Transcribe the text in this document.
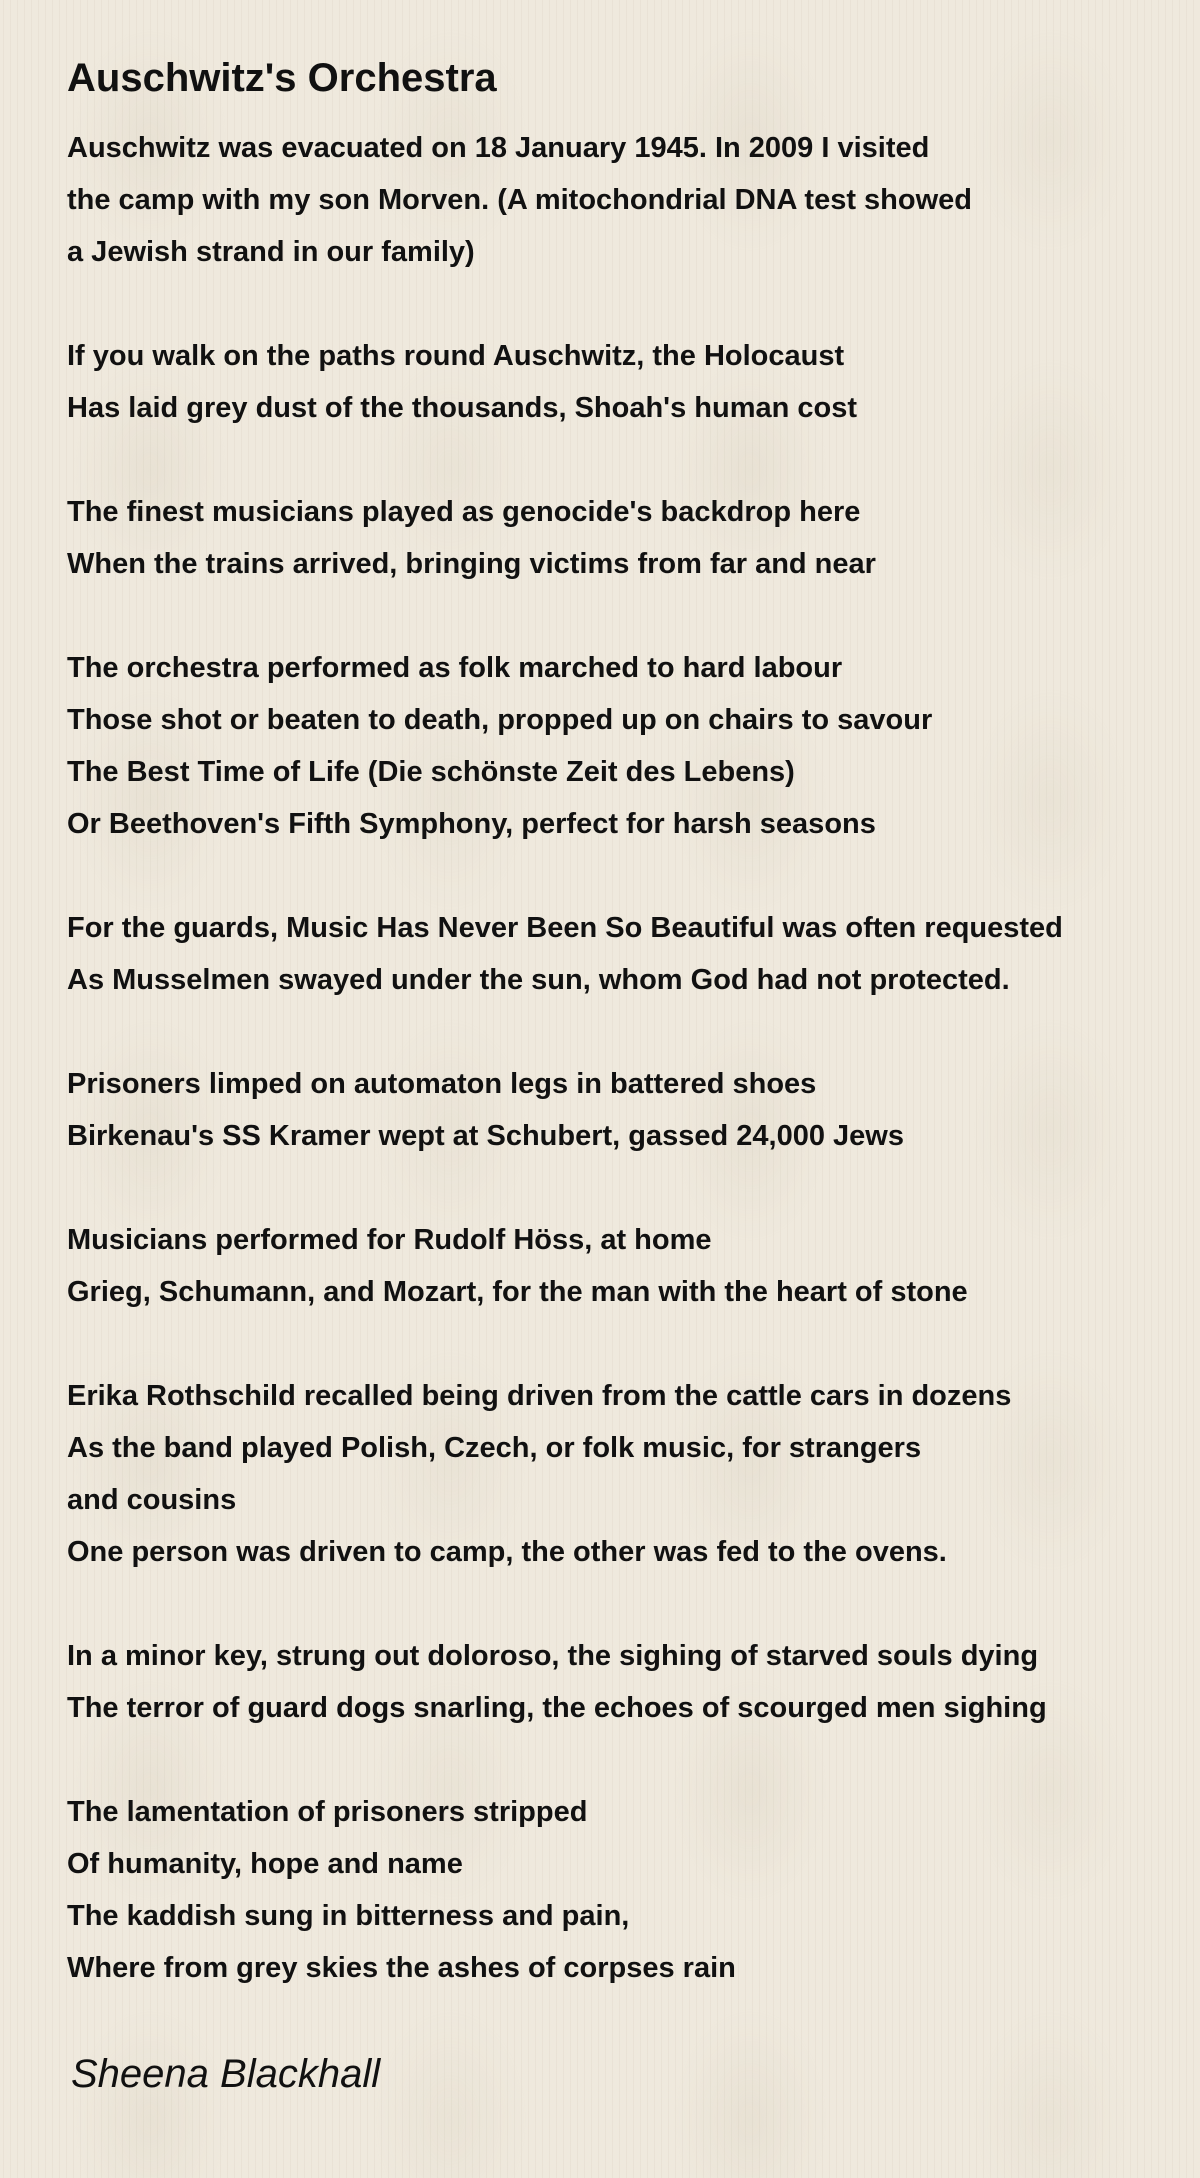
Auschwitz's Orchestra
Auschwitz was evacuated on 18 January 1945. In 2009 I visited
the camp with my son Morven. (A mitochondrial DNA test showed
a Jewish strand in our family)
If you walk on the paths round Auschwitz, the Holocaust
Has laid grey dust of the thousands, Shoah's human cost
The finest musicians played as genocide's backdrop here
When the trains arrived, bringing victims from far and near
The orchestra performed as folk marched to hard labour
Those shot or beaten to death, propped up on chairs to savour
The Best Time of Life (Die schönste Zeit des Lebens)
Or Beethoven's Fifth Symphony, perfect for harsh seasons
For the guards, Music Has Never Been So Beautiful was often requested
As Musselmen swayed under the sun, whom God had not protected.
Prisoners limped on automaton legs in battered shoes
Birkenau's SS Kramer wept at Schubert, gassed 24,000 Jews
Musicians performed for Rudolf Höss, at home
Grieg, Schumann, and Mozart, for the man with the heart of stone
Erika Rothschild recalled being driven from the cattle cars in dozens
As the band played Polish, Czech, or folk music, for strangers
and cousins
One person was driven to camp, the other was fed to the ovens.
In a minor key, strung out doloroso, the sighing of starved souls dying
The terror of guard dogs snarling, the echoes of scourged men sighing
The lamentation of prisoners stripped
Of humanity, hope and name
The kaddish sung in bitterness and pain,
Where from grey skies the ashes of corpses rain
Sheena Blackhall
